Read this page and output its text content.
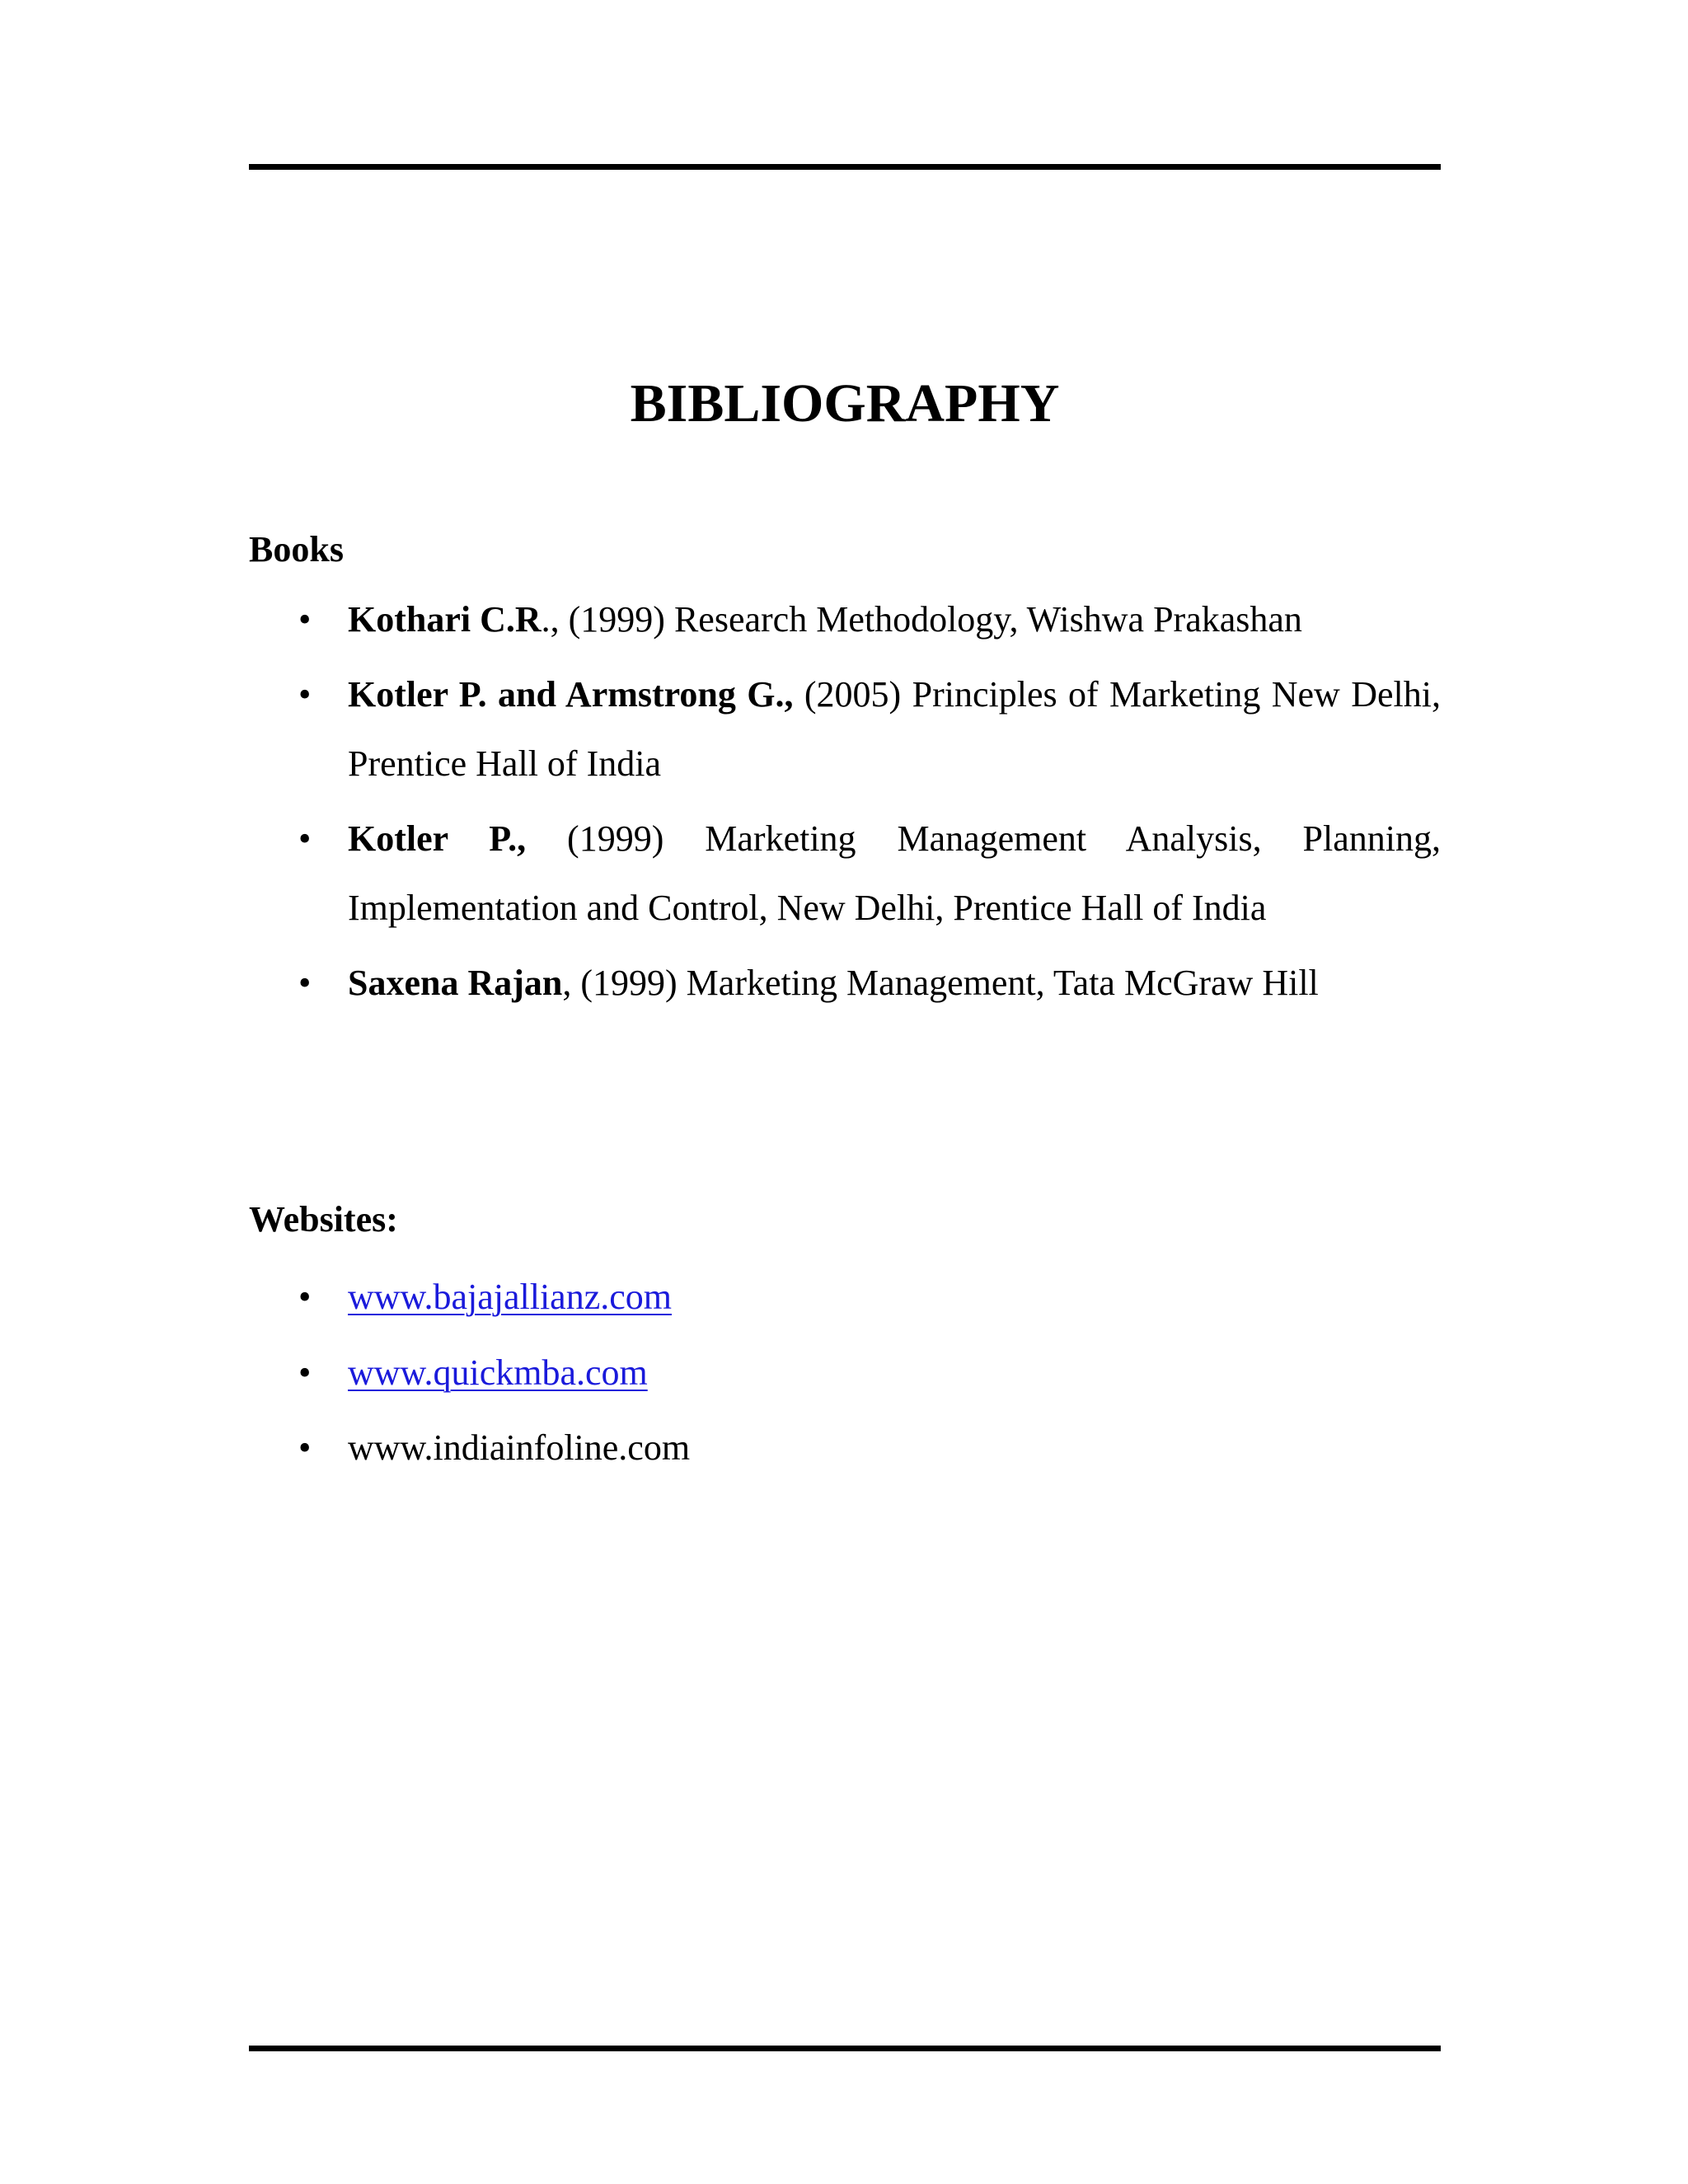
BIBLIOGRAPHY
Books
• Kothari C.R., (1999) Research Methodology, Wishwa Prakashan
• Kotler P. and Armstrong G., (2005) Principles of Marketing New Delhi, Prentice Hall of India
• Kotler P., (1999) Marketing Management Analysis, Planning, Implementation and Control, New Delhi, Prentice Hall of India
• Saxena Rajan, (1999) Marketing Management, Tata McGraw Hill
Websites:
• www.bajajallianz.com
• www.quickmba.com
• www.indiainfoline.com
